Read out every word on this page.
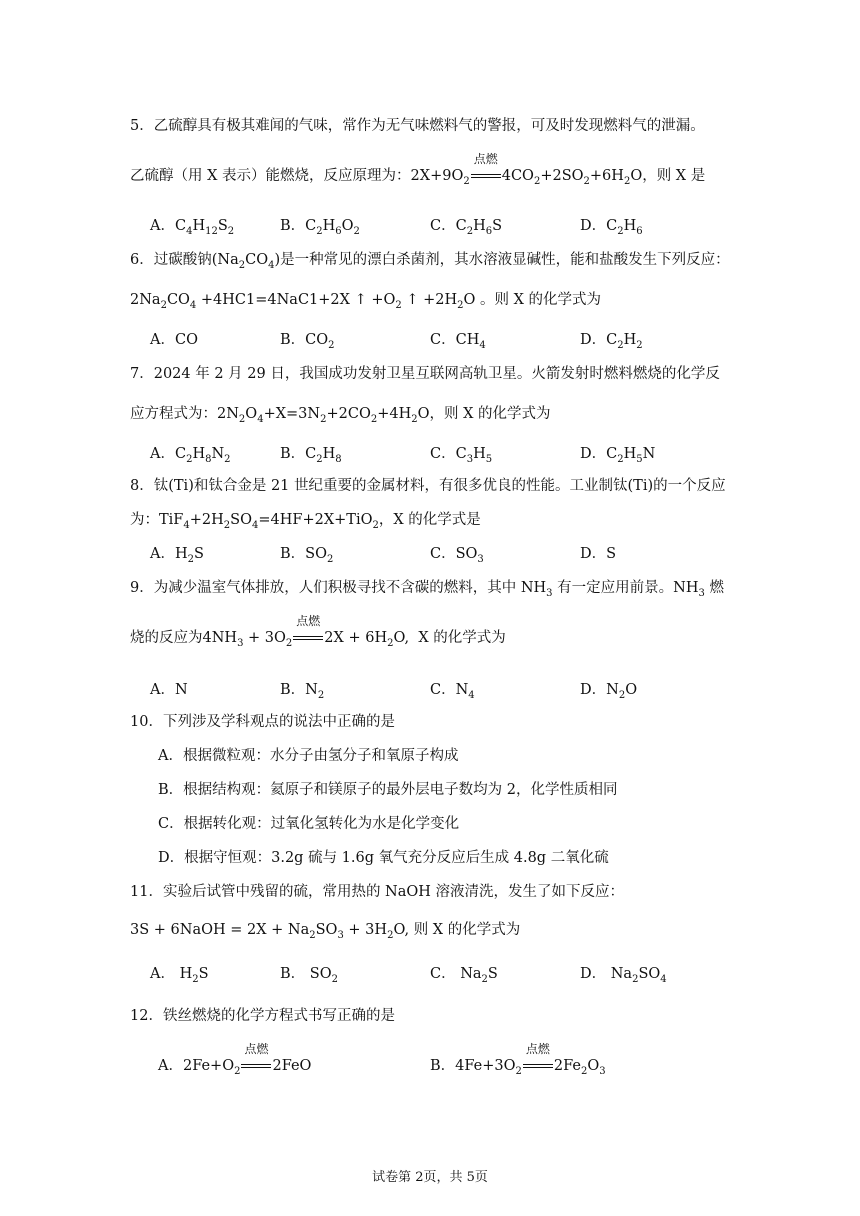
5．乙硫醇具有极其难闻的气味，常作为无气味燃料气的警报，可及时发现燃料气的泄漏。
乙硫醇（用 X 表示）能燃烧，反应原理为：$2X+9O_2$
点燃
$4CO_2+2SO_2+6H_2O$，则 X 是
A．$C_4H_{12}S_2$	B．$C_2H_6O_2$	C．$C_2H_6S$	D．$C_2H_6$
6．过碳酸钠$(Na_2CO_4)$是一种常见的漂白杀菌剂，其水溶液显碱性，能和盐酸发生下列反应：
$2Na_2CO_4 +4HC1=4NaC1+2X$ ↑ $+O_2$ ↑ $+2H_2O$ 。则 X 的化学式为
A．CO	B．$CO_2$	C．$CH_4$	D．$C_2H_2$
7．2024 年 2 月 29 日，我国成功发射卫星互联网高轨卫星。火箭发射时燃料燃烧的化学反
应方程式为：$2N_2O_4+X=3N_2+2CO_2+4H_2O$，则 X 的化学式为
A．$C_2H_8N_2$	B．$C_2H_8$	C．$C_3H_5$	D．$C_2H_5N$
8．钛(Ti)和钛合金是 21 世纪重要的金属材料，有很多优良的性能。工业制钛(Ti)的一个反应
为：$TiF_4+2H_2SO_4=4HF+2X+TiO_2$，X 的化学式是
A．$H_2S$	B．$SO_2$	C．$SO_3$	D．S
9．为减少温室气体排放，人们积极寻找不含碳的燃料，其中 $NH_3$ 有一定应用前景。$NH_3$ 燃
烧的反应为$4NH_3 + 3O_2$
点燃
$2X + 6H_2O$,  X 的化学式为
A．N	B．$N_2$	C．$N_4$	D．$N_2O$
10．下列涉及学科观点的说法中正确的是
A．根据微粒观：水分子由氢分子和氧原子构成
B．根据结构观：氦原子和镁原子的最外层电子数均为 2，化学性质相同
C．根据转化观：过氧化氢转化为水是化学变化
D．根据守恒观：3.2g 硫与 1.6g 氧气充分反应后生成 4.8g 二氧化硫
11．实验后试管中残留的硫，常用热的 NaOH 溶液清洗，发生了如下反应：
3S + 6NaOH = $2X + Na_2SO_3 + 3H_2O$, 则 X 的化学式为
A． $H_2S$	B． $SO_2$	C． $Na_2S$	D． $Na_2SO_4$
12．铁丝燃烧的化学方程式书写正确的是
A．$2Fe+O_2$
点燃
2FeO	B．$4Fe+3O_2$
点燃
$2Fe_2O_3$
试卷第 2页，共 5页
